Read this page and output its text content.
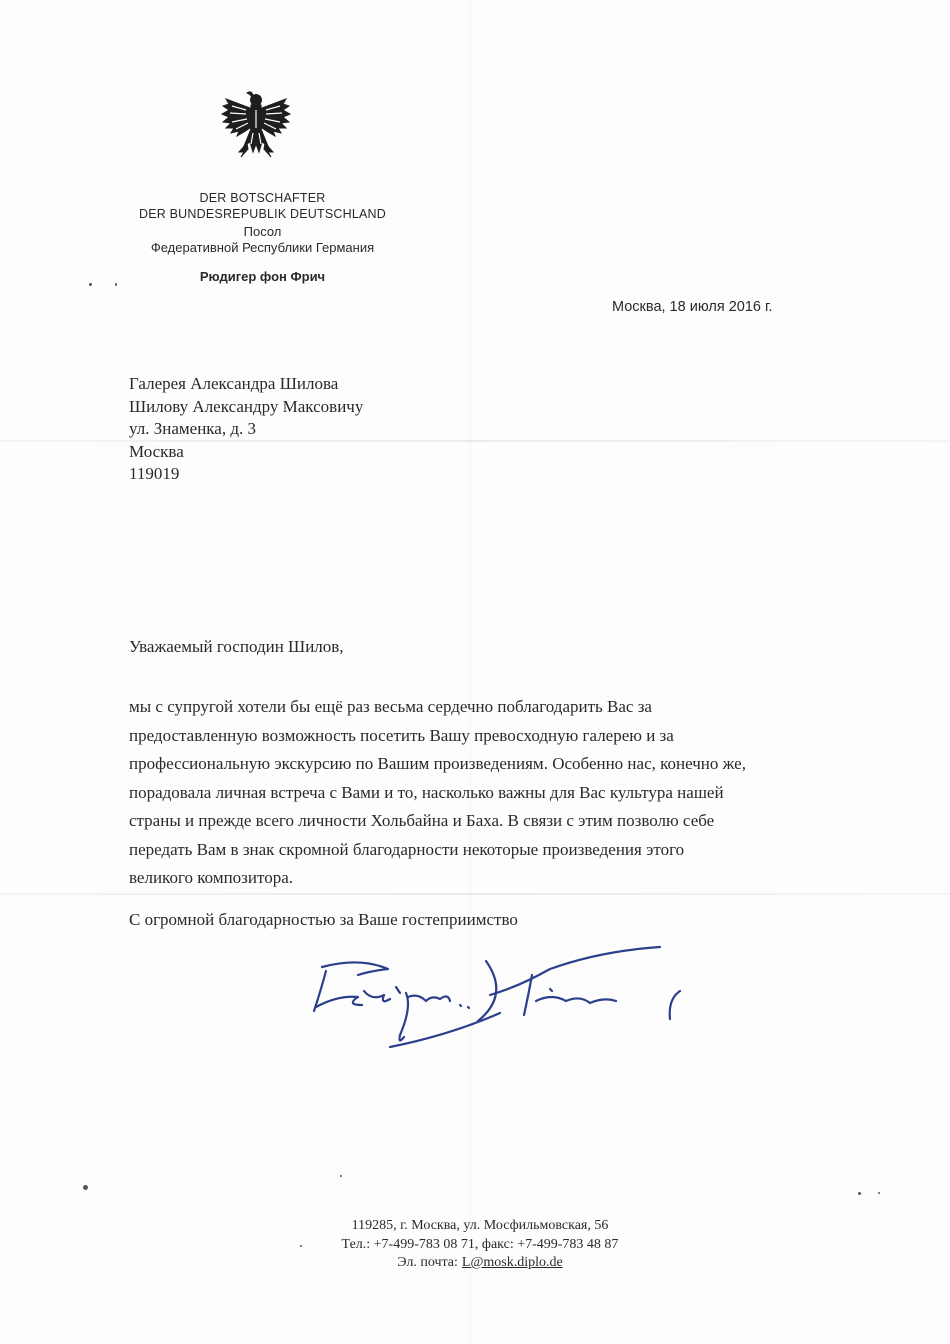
DER BOTSCHAFTER
DER BUNDESREPUBLIK DEUTSCHLAND
Посол
Федеративной Республики Германия
Рюдигер фон Фрич
Москва, 18 июля 2016 г.
Галерея Александра Шилова
Шилову Александру Максовичу
ул. Знаменка, д. 3
Москва
119019
Уважаемый господин Шилов,
мы с супругой хотели бы ещё раз весьма сердечно поблагодарить Вас за
предоставленную возможность посетить Вашу превосходную галерею и за
профессиональную экскурсию по Вашим произведениям. Особенно нас, конечно же,
порадовала личная встреча с Вами и то, насколько важны для Вас культура нашей
страны и прежде всего личности Хольбайна и Баха. В связи с этим позволю себе
передать Вам в знак скромной благодарности некоторые произведения этого
великого композитора.
С огромной благодарностью за Ваше гостеприимство
119285, г. Москва, ул. Мосфильмовская, 56
Тел.: +7-499-783 08 71, факс: +7-499-783 48 87
Эл. почта: L@mosk.diplo.de
